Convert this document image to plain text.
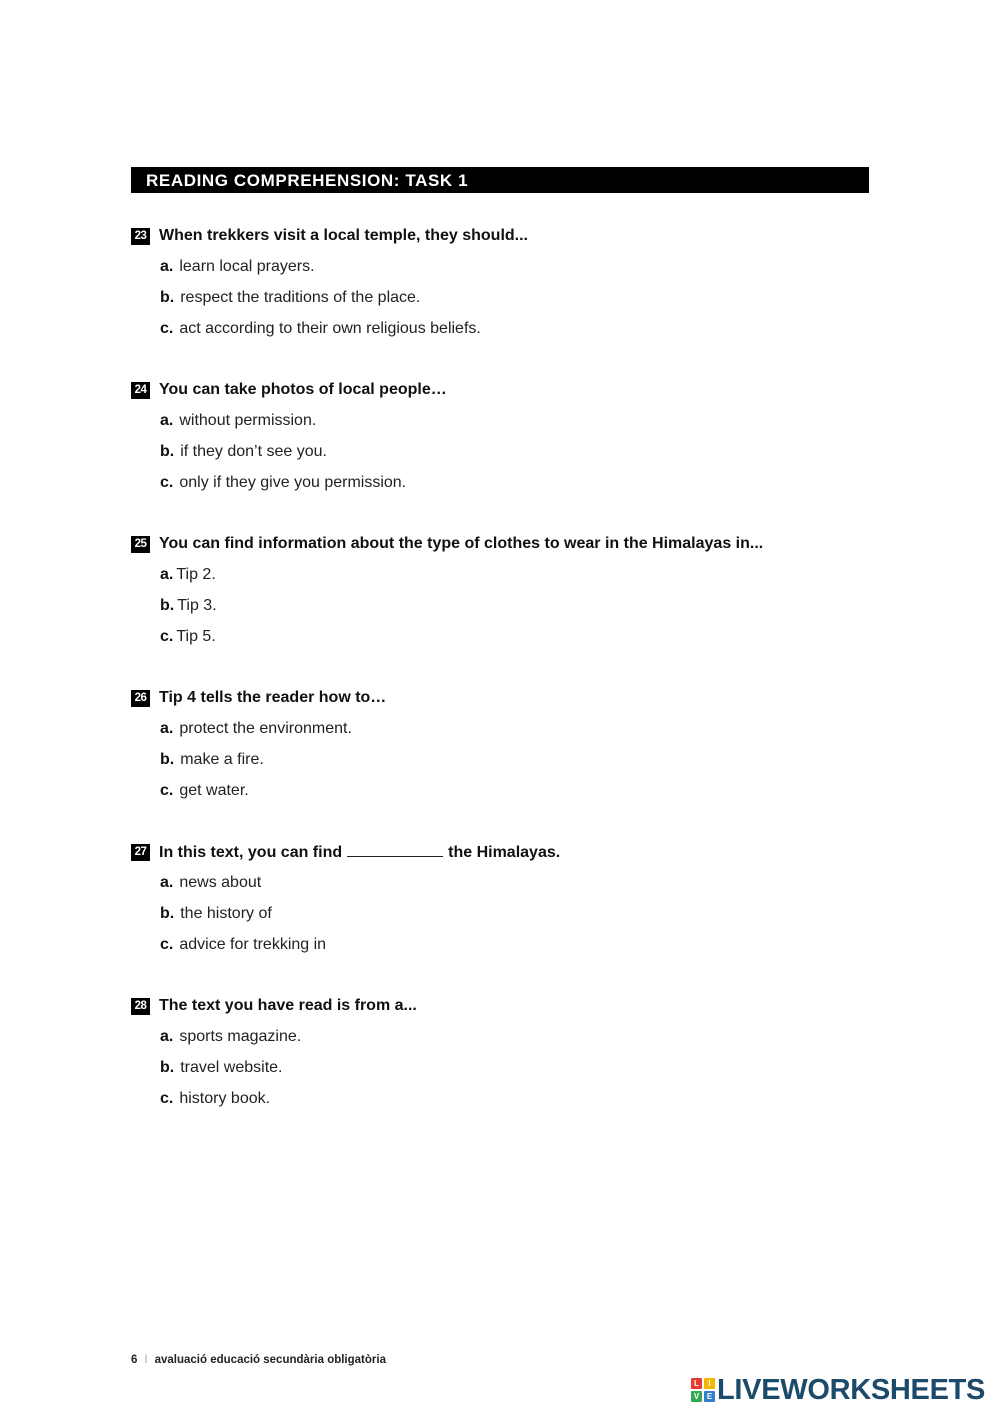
READING COMPREHENSION: TASK 1
23 When trekkers visit a local temple, they should...
a. learn local prayers.
b. respect the traditions of the place.
c. act according to their own religious beliefs.
24 You can take photos of local people…
a. without permission.
b. if they don’t see you.
c. only if they give you permission.
25 You can find information about the type of clothes to wear in the Himalayas in...
a. Tip 2.
b. Tip 3.
c. Tip 5.
26 Tip 4 tells the reader how to…
a. protect the environment.
b. make a fire.
c. get water.
27 In this text, you can find	the Himalayas.
a. news about
b. the history of
c. advice for trekking in
28 The text you have read is from a...
a. sports magazine.
b. travel website.
c. history book.
6 I avaluació educació secundària obligatòria
L	I
V E LIVEWORKSHEETS
